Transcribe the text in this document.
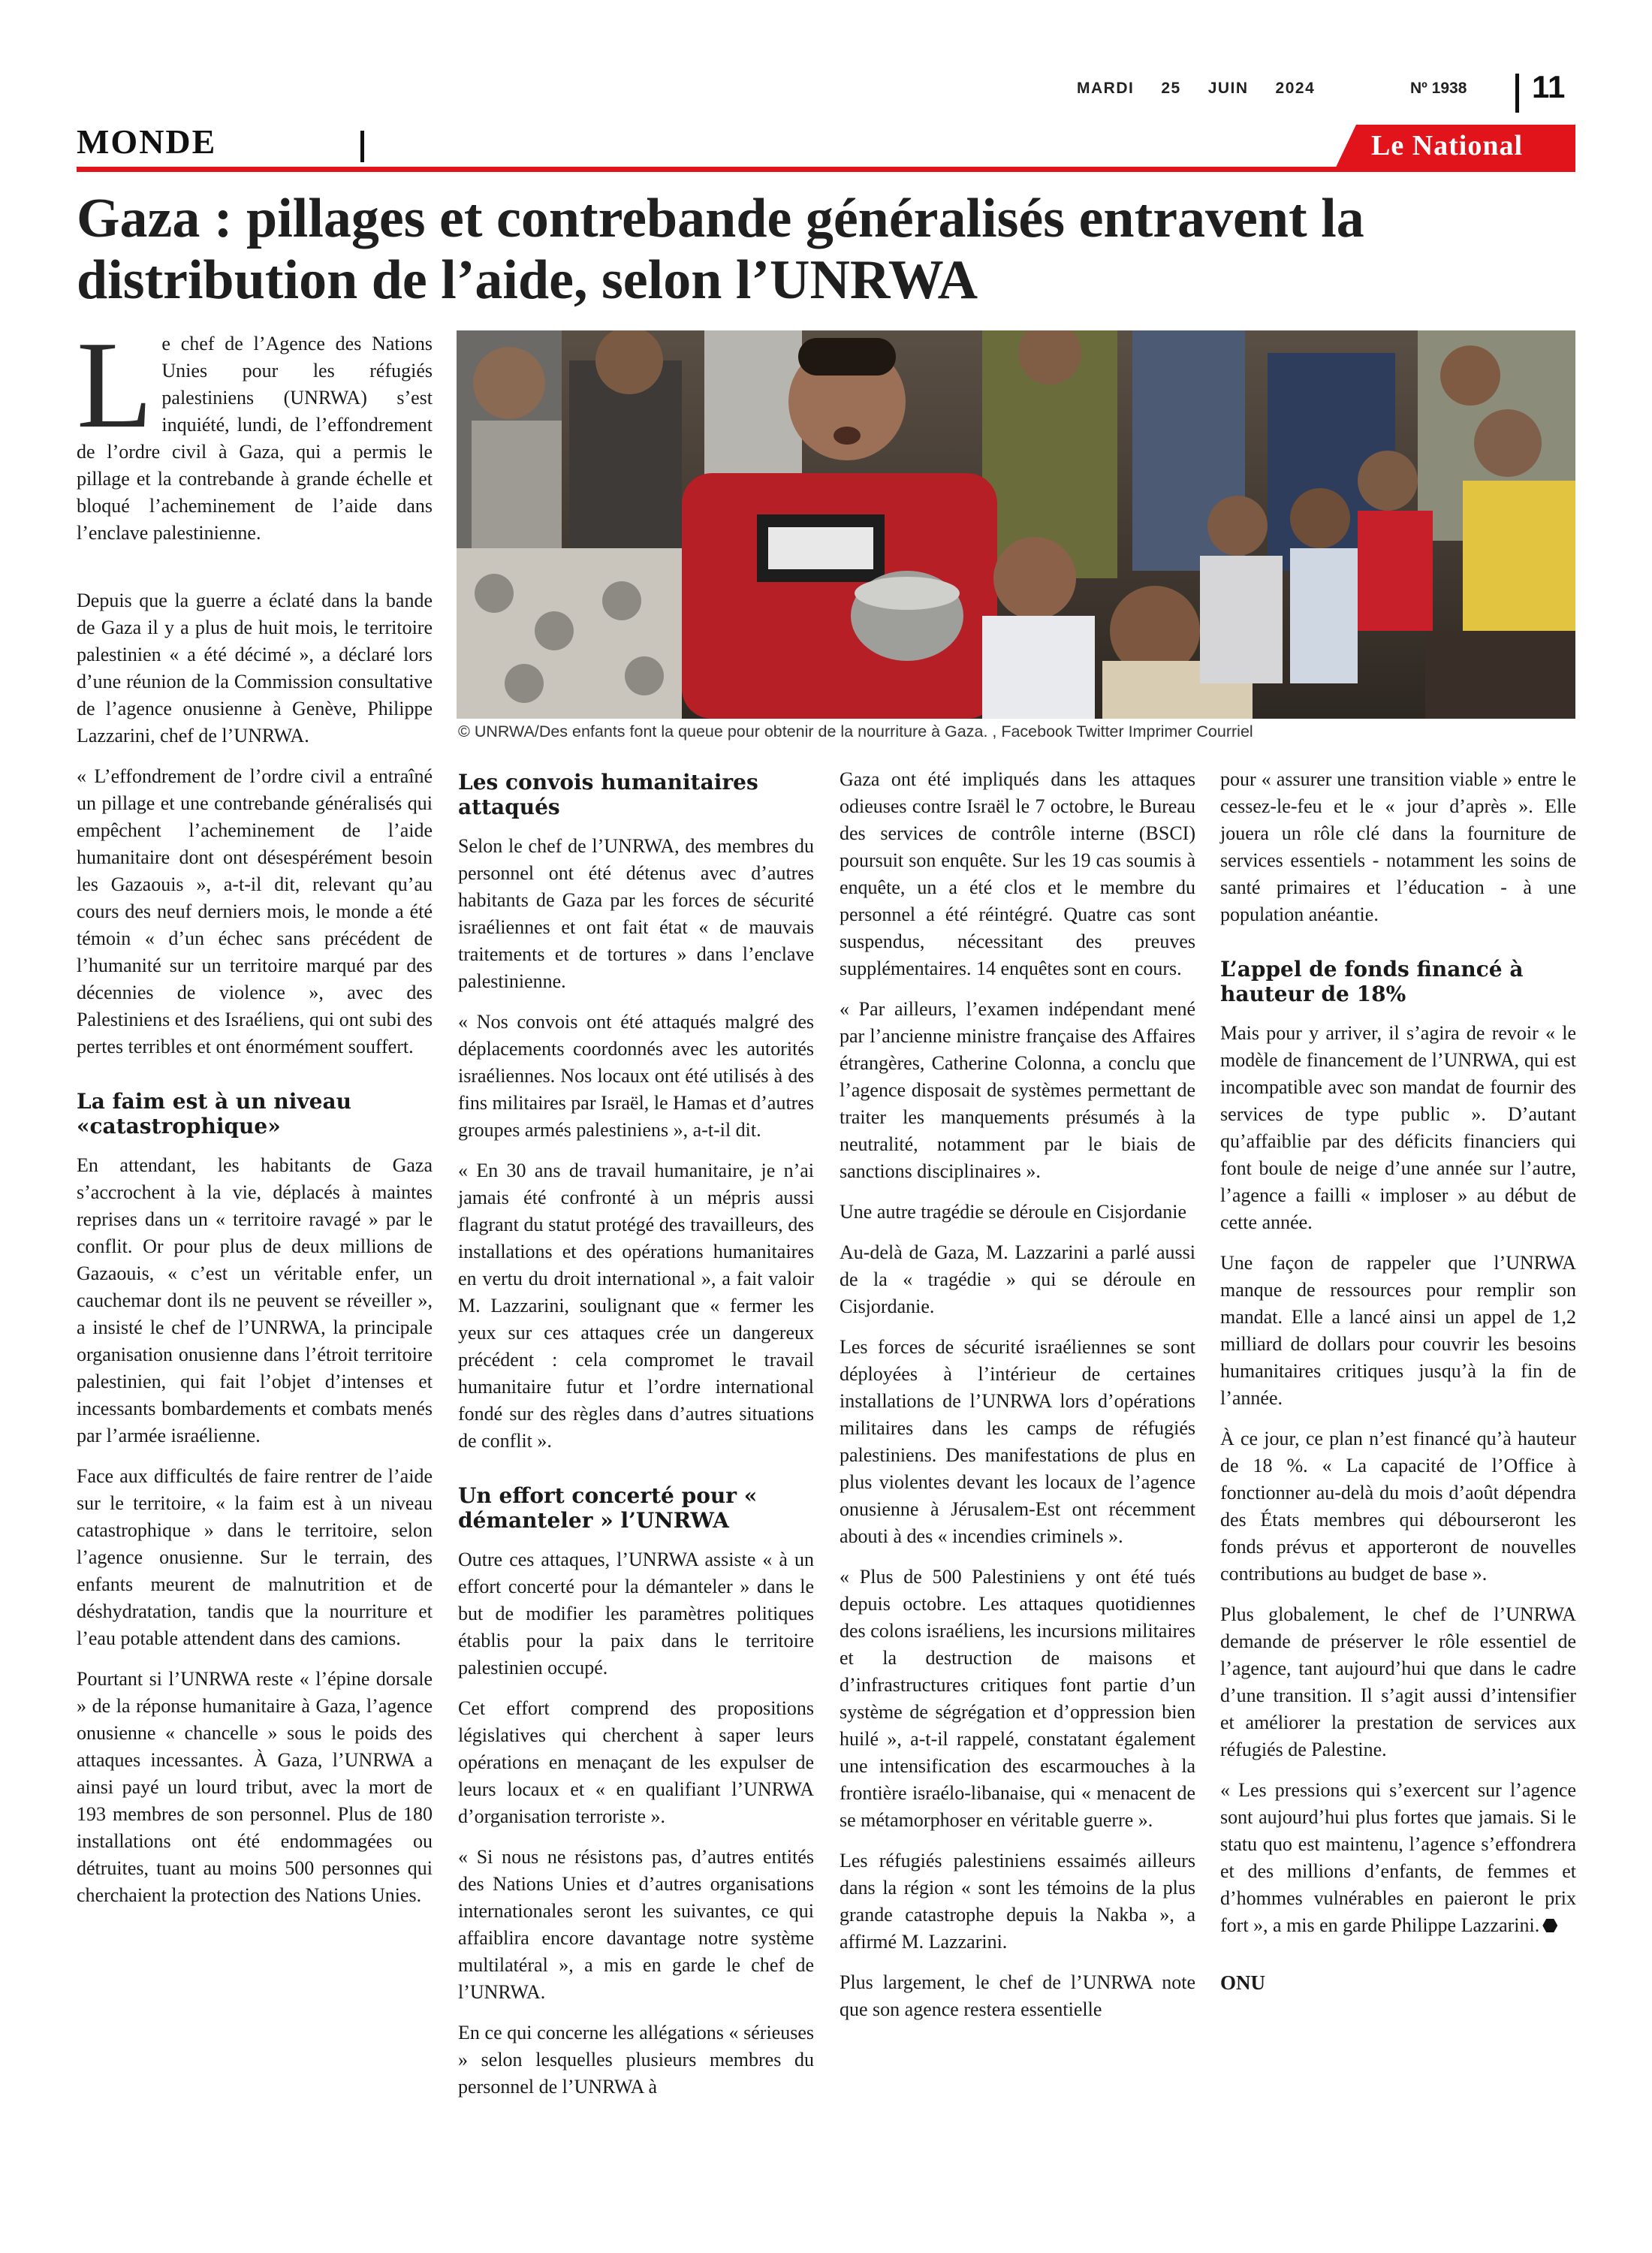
MARDI 25 JUIN 2024	Nº 1938 11
MONDE	Le National
Gaza : pillages et contrebande généralisés entravent la distribution de l’aide, selon l’UNRWA
© UNRWA/Des enfants font la queue pour obtenir de la nourriture à Gaza. , Facebook Twitter Imprimer Courriel

Le chef de l’Agence des Nations Unies pour les réfugiés palestiniens (UNRWA) s’est inquiété, lundi, de l’effondrement de l’ordre civil à Gaza, qui a permis le pillage et la contrebande à grande échelle et bloqué l’acheminement de l’aide dans l’enclave palestinienne.

Depuis que la guerre a éclaté dans la bande de Gaza il y a plus de huit mois, le territoire palestinien « a été décimé », a déclaré lors d’une réunion de la Commission consultative de l’agence onusienne à Genève, Philippe Lazzarini, chef de l’UNRWA.

« L’effondrement de l’ordre civil a entraîné un pillage et une contrebande généralisés qui empêchent l’acheminement de l’aide humanitaire dont ont désespérément besoin les Gazaouis », a-t-il dit, relevant qu’au cours des neuf derniers mois, le monde a été témoin « d’un échec sans précédent de l’humanité sur un territoire marqué par des décennies de violence », avec des Palestiniens et des Israéliens, qui ont subi des pertes terribles et ont énormément souffert.

La faim est à un niveau «catastrophique»

En attendant, les habitants de Gaza s’accrochent à la vie, déplacés à maintes reprises dans un « territoire ravagé » par le conflit. Or pour plus de deux millions de Gazaouis, « c’est un véritable enfer, un cauchemar dont ils ne peuvent se réveiller », a insisté le chef de l’UNRWA, la principale organisation onusienne dans l’étroit territoire palestinien, qui fait l’objet d’intenses et incessants bombardements et combats menés par l’armée israélienne.

Face aux difficultés de faire rentrer de l’aide sur le territoire, « la faim est à un niveau catastrophique » dans le territoire, selon l’agence onusienne. Sur le terrain, des enfants meurent de malnutrition et de déshydratation, tandis que la nourriture et l’eau potable attendent dans des camions.

Pourtant si l’UNRWA reste « l’épine dorsale » de la réponse humanitaire à Gaza, l’agence onusienne « chancelle » sous le poids des attaques incessantes. À Gaza, l’UNRWA a ainsi payé un lourd tribut, avec la mort de 193 membres de son personnel. Plus de 180 installations ont été endommagées ou détruites, tuant au moins 500 personnes qui cherchaient la protection des Nations Unies.

Les convois humanitaires attaqués

Selon le chef de l’UNRWA, des membres du personnel ont été détenus avec d’autres habitants de Gaza par les forces de sécurité israéliennes et ont fait état « de mauvais traitements et de tortures » dans l’enclave palestinienne.

« Nos convois ont été attaqués malgré des déplacements coordonnés avec les autorités israéliennes. Nos locaux ont été utilisés à des fins militaires par Israël, le Hamas et d’autres groupes armés palestiniens », a-t-il dit.

« En 30 ans de travail humanitaire, je n’ai jamais été confronté à un mépris aussi flagrant du statut protégé des travailleurs, des installations et des opérations humanitaires en vertu du droit international », a fait valoir M. Lazzarini, soulignant que « fermer les yeux sur ces attaques crée un dangereux précédent : cela compromet le travail humanitaire futur et l’ordre international fondé sur des règles dans d’autres situations de conflit ».

Un effort concerté pour « démanteler » l’UNRWA

Outre ces attaques, l’UNRWA assiste « à un effort concerté pour la démanteler » dans le but de modifier les paramètres politiques établis pour la paix dans le territoire palestinien occupé.

Cet effort comprend des propositions législatives qui cherchent à saper leurs opérations en menaçant de les expulser de leurs locaux et « en qualifiant l’UNRWA d’organisation terroriste ».

« Si nous ne résistons pas, d’autres entités des Nations Unies et d’autres organisations internationales seront les suivantes, ce qui affaiblira encore davantage notre système multilatéral », a mis en garde le chef de l’UNRWA.

En ce qui concerne les allégations « sérieuses » selon lesquelles plusieurs membres du personnel de l’UNRWA à

Gaza ont été impliqués dans les attaques odieuses contre Israël le 7 octobre, le Bureau des services de contrôle interne (BSCI) poursuit son enquête. Sur les 19 cas soumis à enquête, un a été clos et le membre du personnel a été réintégré. Quatre cas sont suspendus, nécessitant des preuves supplémentaires. 14 enquêtes sont en cours.

« Par ailleurs, l’examen indépendant mené par l’ancienne ministre française des Affaires étrangères, Catherine Colonna, a conclu que l’agence disposait de systèmes permettant de traiter les manquements présumés à la neutralité, notamment par le biais de sanctions disciplinaires ».

Une autre tragédie se déroule en Cisjordanie

Au-delà de Gaza, M. Lazzarini a parlé aussi de la « tragédie » qui se déroule en Cisjordanie.

Les forces de sécurité israéliennes se sont déployées à l’intérieur de certaines installations de l’UNRWA lors d’opérations militaires dans les camps de réfugiés palestiniens. Des manifestations de plus en plus violentes devant les locaux de l’agence onusienne à Jérusalem-Est ont récemment abouti à des « incendies criminels ».

« Plus de 500 Palestiniens y ont été tués depuis octobre. Les attaques quotidiennes des colons israéliens, les incursions militaires et la destruction de maisons et d’infrastructures critiques font partie d’un système de ségrégation et d’oppression bien huilé », a-t-il rappelé, constatant également une intensification des escarmouches à la frontière israélo-libanaise, qui « menacent de se métamorphoser en véritable guerre ».

Les réfugiés palestiniens essaimés ailleurs dans la région « sont les témoins de la plus grande catastrophe depuis la Nakba », a affirmé M. Lazzarini.

Plus largement, le chef de l’UNRWA note que son agence restera essentielle

pour « assurer une transition viable » entre le cessez-le-feu et le « jour d’après ». Elle jouera un rôle clé dans la fourniture de services essentiels - notamment les soins de santé primaires et l’éducation - à une population anéantie.

L’appel de fonds financé à hauteur de 18%

Mais pour y arriver, il s’agira de revoir « le modèle de financement de l’UNRWA, qui est incompatible avec son mandat de fournir des services de type public ». D’autant qu’affaiblie par des déficits financiers qui font boule de neige d’une année sur l’autre, l’agence a failli « imploser » au début de cette année.

Une façon de rappeler que l’UNRWA manque de ressources pour remplir son mandat. Elle a lancé ainsi un appel de 1,2 milliard de dollars pour couvrir les besoins humanitaires critiques jusqu’à la fin de l’année.

À ce jour, ce plan n’est financé qu’à hauteur de 18 %. « La capacité de l’Office à fonctionner au-delà du mois d’août dépendra des États membres qui débourseront les fonds prévus et apporteront de nouvelles contributions au budget de base ».

Plus globalement, le chef de l’UNRWA demande de préserver le rôle essentiel de l’agence, tant aujourd’hui que dans le cadre d’une transition. Il s’agit aussi d’intensifier et améliorer la prestation de services aux réfugiés de Palestine.

« Les pressions qui s’exercent sur l’agence sont aujourd’hui plus fortes que jamais. Si le statu quo est maintenu, l’agence s’effondrera et des millions d’enfants, de femmes et d’hommes vulnérables en paieront le prix fort », a mis en garde Philippe Lazzarini.

ONU
